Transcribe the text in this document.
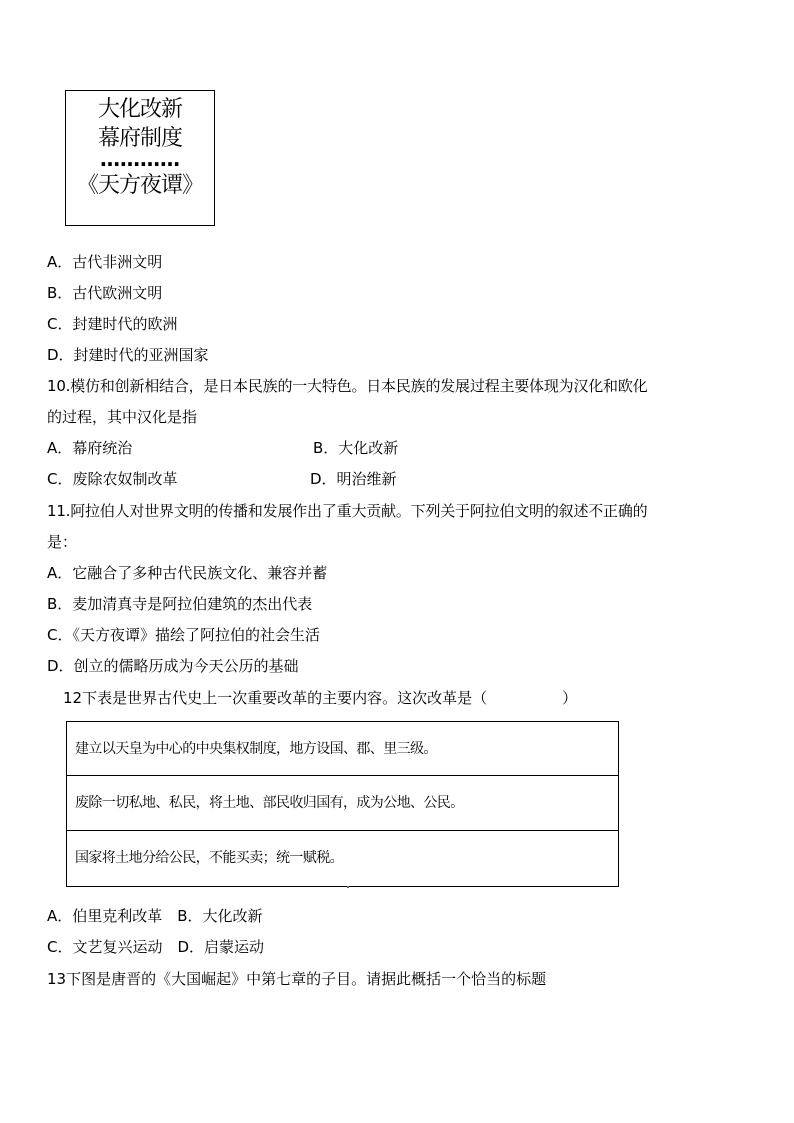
大化改新
幕府制度
…………
《天方夜谭》
A．古代非洲文明
B．古代欧洲文明
C．封建时代的欧洲
D．封建时代的亚洲国家
10.模仿和创新相结合，是日本民族的一大特色。日本民族的发展过程主要体现为汉化和欧化
的过程，其中汉化是指
A．幕府统治	B．大化改新
C．废除农奴制改革	D．明治维新
11.阿拉伯人对世界文明的传播和发展作出了重大贡献。下列关于阿拉伯文明的叙述不正确的
是：
A．它融合了多种古代民族文化、兼容并蓄
B．麦加清真寺是阿拉伯建筑的杰出代表
C．《天方夜谭》描绘了阿拉伯的社会生活
D．创立的儒略历成为今天公历的基础
12下表是世界古代史上一次重要改革的主要内容。这次改革是（　　　　　）
建立以天皇为中心的中央集权制度，地方设国、郡、里三级。
废除一切私地、私民，将土地、部民收归国有，成为公地、公民。
国家将土地分给公民，不能买卖；统一赋税。
A．伯里克利改革　B．大化改新
C．文艺复兴运动　D．启蒙运动
13下图是唐晋的《大国崛起》中第七章的子目。请据此概括一个恰当的标题
